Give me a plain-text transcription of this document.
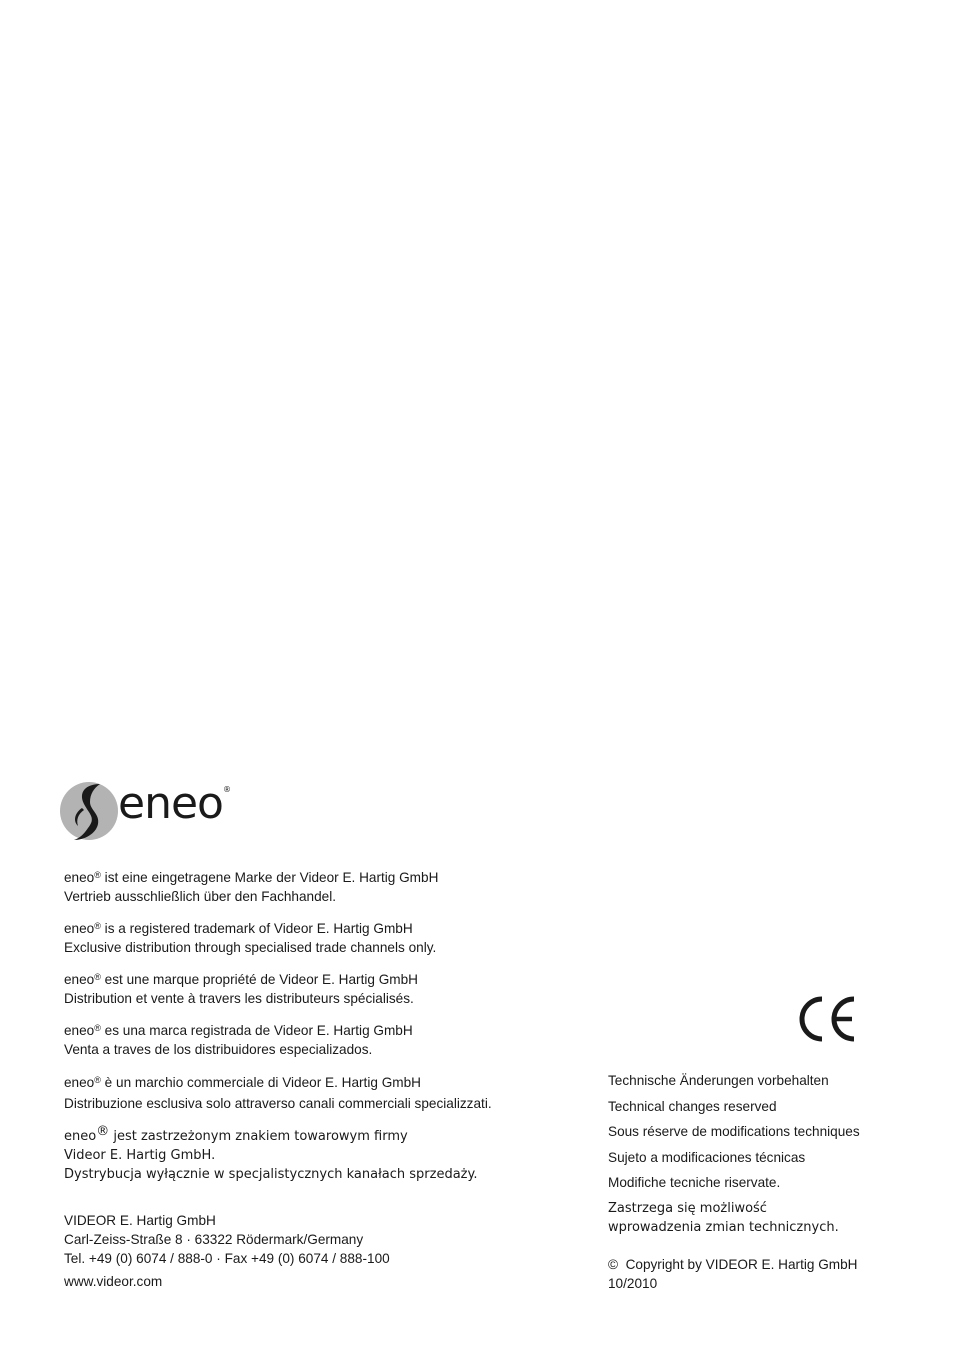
eneo®

eneo® ist eine eingetragene Marke der Videor E. Hartig GmbH
Vertrieb ausschließlich über den Fachhandel.

eneo® is a registered trademark of Videor E. Hartig GmbH
Exclusive distribution through specialised trade channels only.

eneo® est une marque propriété de Videor E. Hartig GmbH
Distribution et vente à travers les distributeurs spécialisés.

eneo® es una marca registrada de Videor E. Hartig GmbH
Venta a traves de los distribuidores especializados.

eneo® è un marchio commerciale di Videor E. Hartig GmbH
Distribuzione esclusiva solo attraverso canali commerciali specializzati.

eneo® jest zastrzeżonym znakiem towarowym firmy
Videor E. Hartig GmbH.
Dystrybucja wyłącznie w specjalistycznych kanałach sprzedaży.

VIDEOR E. Hartig GmbH
Carl-Zeiss-Straße 8 · 63322 Rödermark/Germany
Tel. +49 (0) 6074 / 888-0 · Fax +49 (0) 6074 / 888-100
www.videor.com
Technische Änderungen vorbehalten
Technical changes reserved
Sous réserve de modifications techniques
Sujeto a modificaciones técnicas
Modifiche tecniche riservate.
Zastrzega się możliwość
wprowadzenia zmian technicznych.
©  Copyright by VIDEOR E. Hartig GmbH
10/2010
